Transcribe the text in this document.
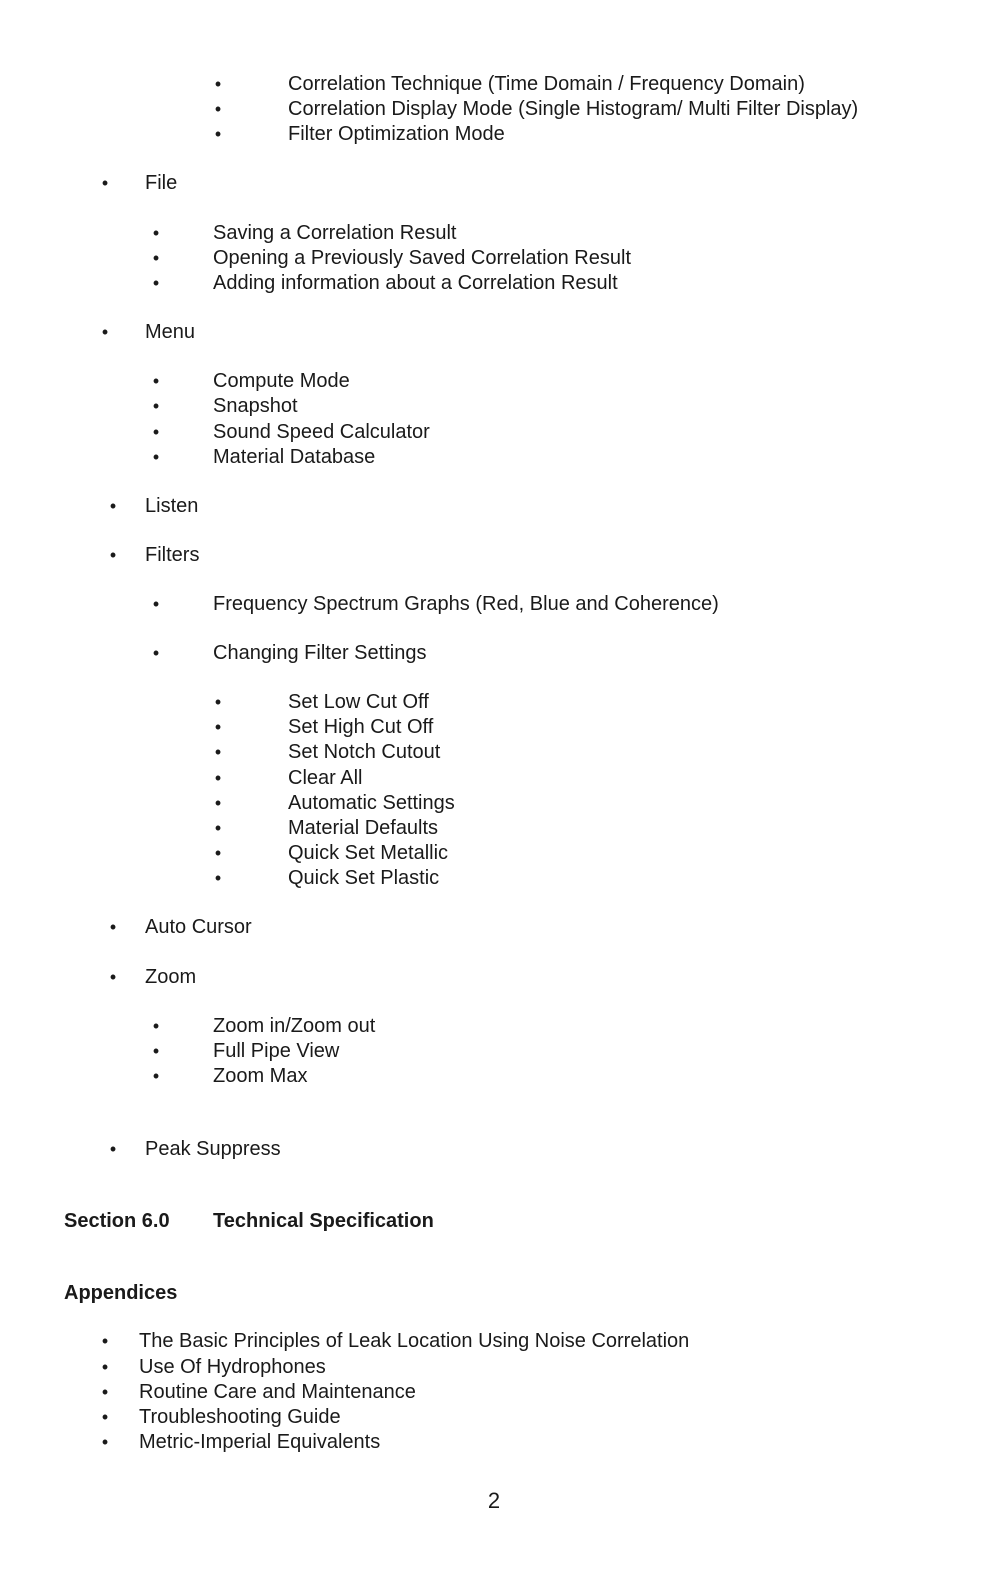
•	Correlation Technique (Time Domain / Frequency Domain)
•	Correlation Display Mode (Single Histogram/ Multi Filter Display)
•	Filter Optimization Mode
•	File
•	Saving a Correlation Result
•	Opening a Previously Saved Correlation Result
•	Adding information about a Correlation Result
•	Menu
•	Compute Mode
•	Snapshot
•	Sound Speed Calculator
•	Material Database
•	Listen
•	Filters
•	Frequency Spectrum Graphs (Red, Blue and Coherence)
•	Changing Filter Settings
•	Set Low Cut Off
•	Set High Cut Off
•	Set Notch Cutout
•	Clear All
•	Automatic Settings
•	Material Defaults
•	Quick Set Metallic
•	Quick Set Plastic
•	Auto Cursor
•	Zoom
•	Zoom in/Zoom out
•	Full Pipe View
•	Zoom Max
•	Peak Suppress
Section 6.0 Technical Specification
Appendices
•	The Basic Principles of Leak Location Using Noise Correlation
•	Use Of Hydrophones
•	Routine Care and Maintenance
•	Troubleshooting Guide
•	Metric-Imperial Equivalents
2
